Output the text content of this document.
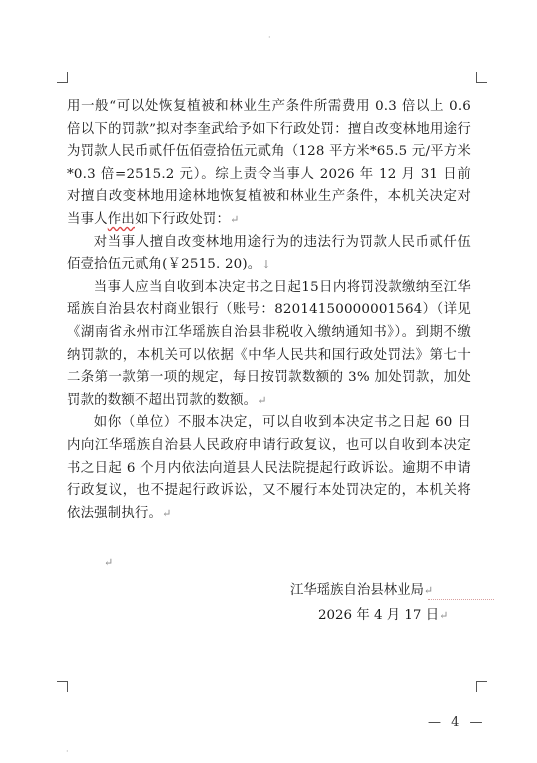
·
·

用一般“可以处恢复植被和林业生产条件所需费用 0.3 倍以上 0.6 倍以下的罚款”拟对李奎武给予如下行政处罚：擅自改变林地用途行为罚款人民币贰仟伍佰壹拾伍元贰角（128 平方米*65.5 元/平方米*0.3 倍=2515.2 元）。综上责令当事人 2026 年 12 月 31 日前对擅自改变林地用途林地恢复植被和林业生产条件，本机关决定对当事人作出如下行政处罚：↵

对当事人擅自改变林地用途行为的违法行为罚款人民币贰仟伍佰壹拾伍元贰角(￥2515. 20)。↓

当事人应当自收到本决定书之日起15日内将罚没款缴纳至江华瑶族自治县农村商业银行（账号：82014150000001564）（详见《湖南省永州市江华瑶族自治县非税收入缴纳通知书》）。到期不缴纳罚款的，本机关可以依据《中华人民共和国行政处罚法》第七十二条第一款第一项的规定，每日按罚款数额的 3% 加处罚款，加处罚款的数额不超出罚款的数额。↵

如你（单位）不服本决定，可以自收到本决定书之日起 60 日内向江华瑶族自治县人民政府申请行政复议，也可以自收到本决定书之日起 6 个月内依法向道县人民法院提起行政诉讼。逾期不申请行政复议，也不提起行政诉讼，又不履行本处罚决定的，本机关将依法强制执行。↵

↵
江华瑶族自治县林业局↵
2026 年 4 月 17 日↵
— 4 —
